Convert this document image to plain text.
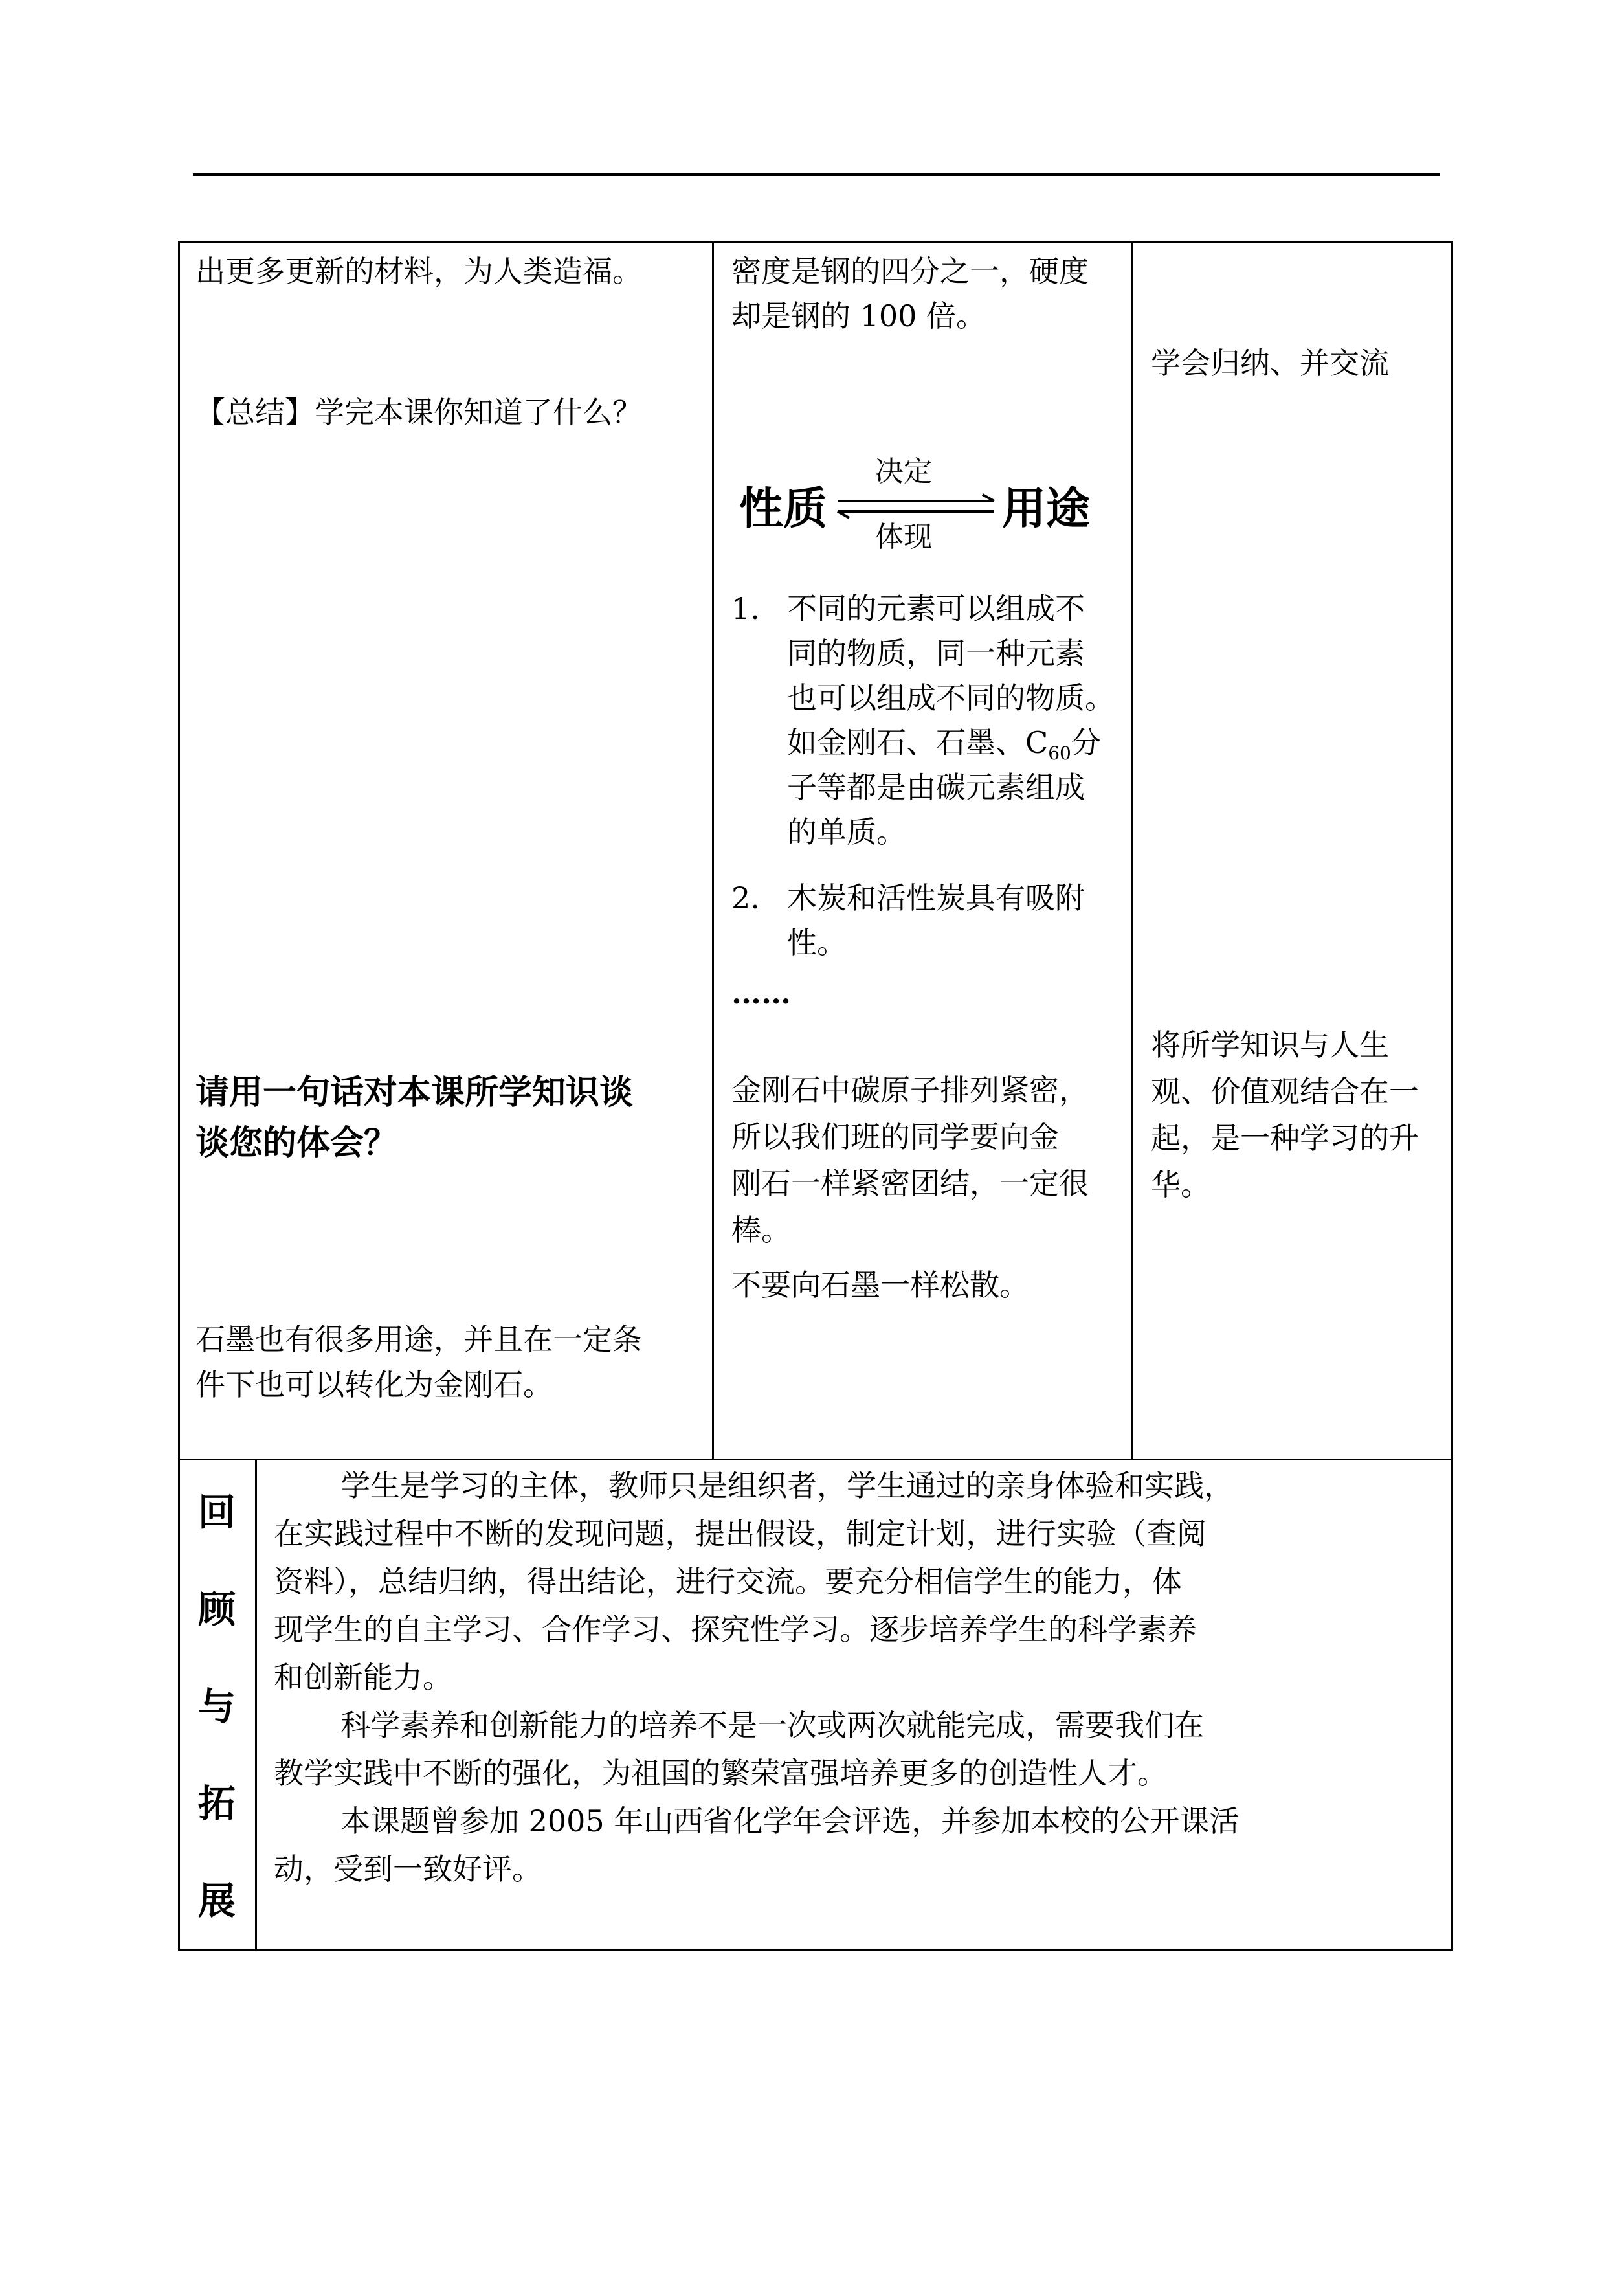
出更多更新的材料，为人类造福。
【总结】学完本课你知道了什么？
请用一句话对本课所学知识谈
谈您的体会？
石墨也有很多用途，并且在一定条
件下也可以转化为金刚石。
密度是钢的四分之一，硬度
却是钢的 100 倍。
性质
决定
体现
用途
1. 不同的元素可以组成不
同的物质，同一种元素
也可以组成不同的物质。
如金刚石、石墨、$C_{60}$分
子等都是由碳元素组成
的单质。
2. 木炭和活性炭具有吸附
性。
……
金刚石中碳原子排列紧密，
所以我们班的同学要向金
刚石一样紧密团结，一定很
棒。
不要向石墨一样松散。
学会归纳、并交流
将所学知识与人生
观、价值观结合在一
起，是一种学习的升
华。
回
顾
与
拓
展
学生是学习的主体，教师只是组织者，学生通过的亲身体验和实践，
在实践过程中不断的发现问题，提出假设，制定计划，进行实验（查阅
资料），总结归纳，得出结论，进行交流。要充分相信学生的能力，体
现学生的自主学习、合作学习、探究性学习。逐步培养学生的科学素养
和创新能力。
科学素养和创新能力的培养不是一次或两次就能完成，需要我们在
教学实践中不断的强化，为祖国的繁荣富强培养更多的创造性人才。
本课题曾参加 2005 年山西省化学年会评选，并参加本校的公开课活
动，受到一致好评。
